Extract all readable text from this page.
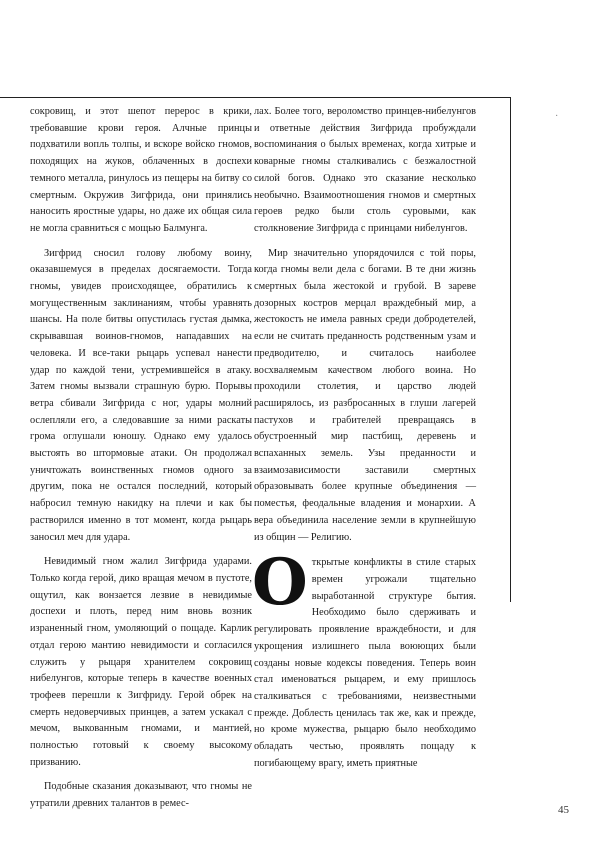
·

сокровищ, и этот шепот перерос в крики, требовавшие крови героя. Алчные принцы подхватили вопль толпы, и вскоре войско гномов, походящих на жуков, облаченных в доспехи темного металла, ринулось из пещеры на битву со смертным. Окружив Зигфрида, они принялись наносить яростные удары, но даже их общая сила не могла сравниться с мощью Балмунга.

Зигфрид сносил голову любому воину, оказавшемуся в пределах досягаемости. Тогда гномы, увидев происходящее, обратились к могущественным заклинаниям, чтобы уравнять шансы. На поле битвы опустилась густая дымка, скрывавшая воинов-гномов, нападавших на человека. И все-таки рыцарь успевал нанести удар по каждой тени, устремившейся в атаку. Затем гномы вызвали страшную бурю. Порывы ветра сбивали Зигфрида с ног, удары молний ослепляли его, а следовавшие за ними раскаты грома оглушали юношу. Однако ему удалось выстоять во штормовые атаки. Он продолжал уничтожать воинственных гномов одного за другим, пока не остался последний, который набросил темную накидку на плечи и как бы растворился именно в тот момент, когда рыцарь заносил меч для удара.

Невидимый гном жалил Зигфрида ударами. Только когда герой, дико вращая мечом в пустоте, ощутил, как вонзается лезвие в невидимые доспехи и плоть, перед ним вновь возник израненный гном, умоляющий о пощаде. Карлик отдал герою мантию невидимости и согласился служить у рыцаря хранителем сокровищ нибелунгов, которые теперь в качестве военных трофеев перешли к Зигфриду. Герой обрек на смерть недоверчивых принцев, а затем ускакал с мечом, выкованным гномами, и мантией, полностью готовый к своему высокому призванию.

Подобные сказания доказывают, что гномы не утратили древних талантов в ремес-

лах. Более того, вероломство принцев-нибелунгов и ответные действия Зигфрида пробуждали воспоминания о былых временах, когда хитрые и коварные гномы сталкивались с безжалостной силой богов. Однако это сказание несколько необычно. Взаимоотношения гномов и смертных героев редко были столь суровыми, как столкновение Зигфрида с принцами нибелунгов.

Мир значительно упорядочился с той поры, когда гномы вели дела с богами. В те дни жизнь смертных была жестокой и грубой. В зареве дозорных костров мерцал враждебный мир, а жестокость не имела равных среди добродетелей, если не считать преданность родственным узам и предводителю, и считалось наиболее восхваляемым качеством любого воина. Но проходили столетия, и царство людей расширялось, из разбросанных в глуши лагерей пастухов и грабителей превращаясь в обустроенный мир пастбищ, деревень и вспаханных земель. Узы преданности и взаимозависимости заставили смертных образовывать более крупные объединения — поместья, феодальные владения и монархии. А вера объединила население земли в крупнейшую из общин — Религию.

О ткрытые конфликты в стиле старых времен угрожали тщательно выработанной структуре бытия. Необходимо было сдерживать и регулировать проявление враждебности, и для укрощения излишнего пыла воюющих были созданы новые кодексы поведения. Теперь воин стал именоваться рыцарем, и ему пришлось сталкиваться с требованиями, неизвестными прежде. Доблесть ценилась так же, как и прежде, но кроме мужества, рыцарю было необходимо обладать честью, проявлять пощаду к погибающему врагу, иметь приятные
45
